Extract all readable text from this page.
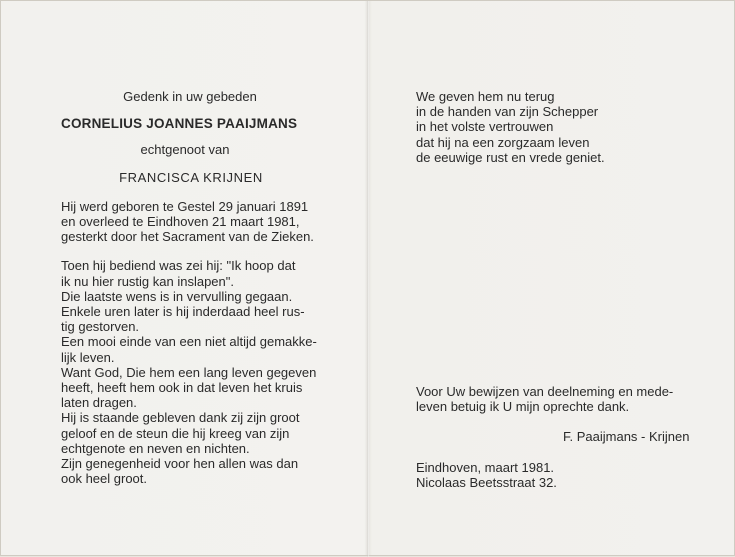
Gedenk in uw gebeden
CORNELIUS JOANNES PAAIJMANS
echtgenoot van
FRANCISCA KRIJNEN
Hij werd geboren te Gestel 29 januari 1891
en overleed te Eindhoven 21 maart 1981,
gesterkt door het Sacrament van de Zieken.
Toen hij bediend was zei hij: "Ik hoop dat
ik nu hier rustig kan inslapen".
Die laatste wens is in vervulling gegaan.
Enkele uren later is hij inderdaad heel rus-
tig gestorven.
Een mooi einde van een niet altijd gemakke-
lijk leven.
Want God, Die hem een lang leven gegeven
heeft, heeft hem ook in dat leven het kruis
laten dragen.
Hij is staande gebleven dank zij zijn groot
geloof en de steun die hij kreeg van zijn
echtgenote en neven en nichten.
Zijn genegenheid voor hen allen was dan
ook heel groot.
We geven hem nu terug
in de handen van zijn Schepper
in het volste vertrouwen
dat hij na een zorgzaam leven
de eeuwige rust en vrede geniet.
Voor Uw bewijzen van deelneming en mede-
leven betuig ik U mijn oprechte dank.
F. Paaijmans - Krijnen
Eindhoven, maart 1981.
Nicolaas Beetsstraat 32.
